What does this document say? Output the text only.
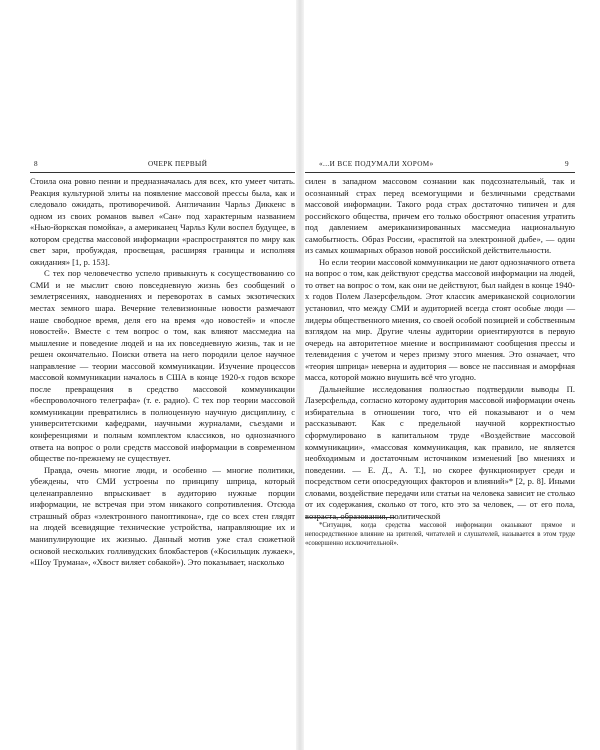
8	ОЧЕРК ПЕРВЫЙ

Стоила она ровно пенни и предназначалась для всех, кто умеет читать. Реакция культурной элиты на появление массовой прессы была, как и следовало ожидать, противоречивой. Англичанин Чарльз Диккенс в одном из своих романов вывел «Сан» под характерным названием «Нью-йоркская помойка», а американец Чарльз Кули воспел будущее, в котором средства массовой информации «распространятся по миру как свет зари, пробуждая, просвещая, расширяя границы и исполняя ожидания» [1, p. 153].

С тех пор человечество успело привыкнуть к сосуществованию со СМИ и не мыслит свою повседневную жизнь без сообщений о землетрясениях, наводнениях и переворотах в самых экзотических местах земного шара. Вечерние телевизионные новости размечают наше свободное время, деля его на время «до новостей» и «после новостей». Вместе с тем вопрос о том, как влияют массмедиа на мышление и поведение людей и на их повседневную жизнь, так и не решен окончательно. Поиски ответа на него породили целое научное направление — теории массовой коммуникации. Изучение процессов массовой коммуникации началось в США в конце 1920-х годов вскоре после превращения в средство массовой коммуникации «беспроволочного телеграфа» (т. е. радио). С тех пор теории массовой коммуникации превратились в полноценную научную дисциплину, с университетскими кафедрами, научными журналами, съездами и конференциями и полным комплектом классиков, но однозначного ответа на вопрос о роли средств массовой информации в современном обществе по-прежнему не существует.

Правда, очень многие люди, и особенно — многие политики, убеждены, что СМИ устроены по принципу шприца, который целенаправленно впрыскивает в аудиторию нужные порции информации, не встречая при этом никакого сопротивления. Отсюда страшный образ «электронного паноптикона», где со всех стен глядят на людей всевидящие технические устройства, направляющие их и манипулирующие их жизнью. Данный мотив уже стал сюжетной основой нескольких голливудских блокбастеров («Косильщик лужаек», «Шоу Трумана», «Хвост виляет собакой»). Это показывает, насколько

«...И ВСЕ ПОДУМАЛИ ХОРОМ»	9

силен в западном массовом сознании как подсознательный, так и осознанный страх перед всемогущими и безличными средствами массовой информации. Такого рода страх достаточно типичен и для российского общества, причем его только обостряют опасения утратить под давлением американизированных массмедиа национальную самобытность. Образ России, «распятой на электронной дыбе», — один из самых кошмарных образов новой российской действительности.

Но если теории массовой коммуникации не дают однозначного ответа на вопрос о том, как действуют средства массовой информации на людей, то ответ на вопрос о том, как они не действуют, был найден в конце 1940-х годов Полем Лазерсфельдом. Этот классик американской социологии установил, что между СМИ и аудиторией всегда стоят особые люди — лидеры общественного мнения, со своей особой позицией и собственным взглядом на мир. Другие члены аудитории ориентируются в первую очередь на авторитетное мнение и воспринимают сообщения прессы и телевидения с учетом и через призму этого мнения. Это означает, что «теория шприца» неверна и аудитория — вовсе не пассивная и аморфная масса, которой можно внушить всё что угодно.

Дальнейшие исследования полностью подтвердили выводы П. Лазерсфельда, согласно которому аудитория массовой информации очень избирательна в отношении того, что ей показывают и о чем рассказывают. Как с предельной научной корректностью сформулировано в капитальном труде «Воздействие массовой коммуникации», «массовая коммуникация, как правило, не является необходимым и достаточным источником изменений [во мнениях и поведении. — Е. Д., А. Т.], но скорее функционирует среди и посредством сети опосредующих факторов и влияний»* [2, p. 8]. Иными словами, воздействие передачи или статьи на человека зависит не столько от их содержания, сколько от того, кто это за человек, — от его пола, возраста, образования, политической

*Ситуация, когда средства массовой информации оказывают прямое и непосредственное влияние на зрителей, читателей и слушателей, называется в этом труде «совершенно исключительной».
